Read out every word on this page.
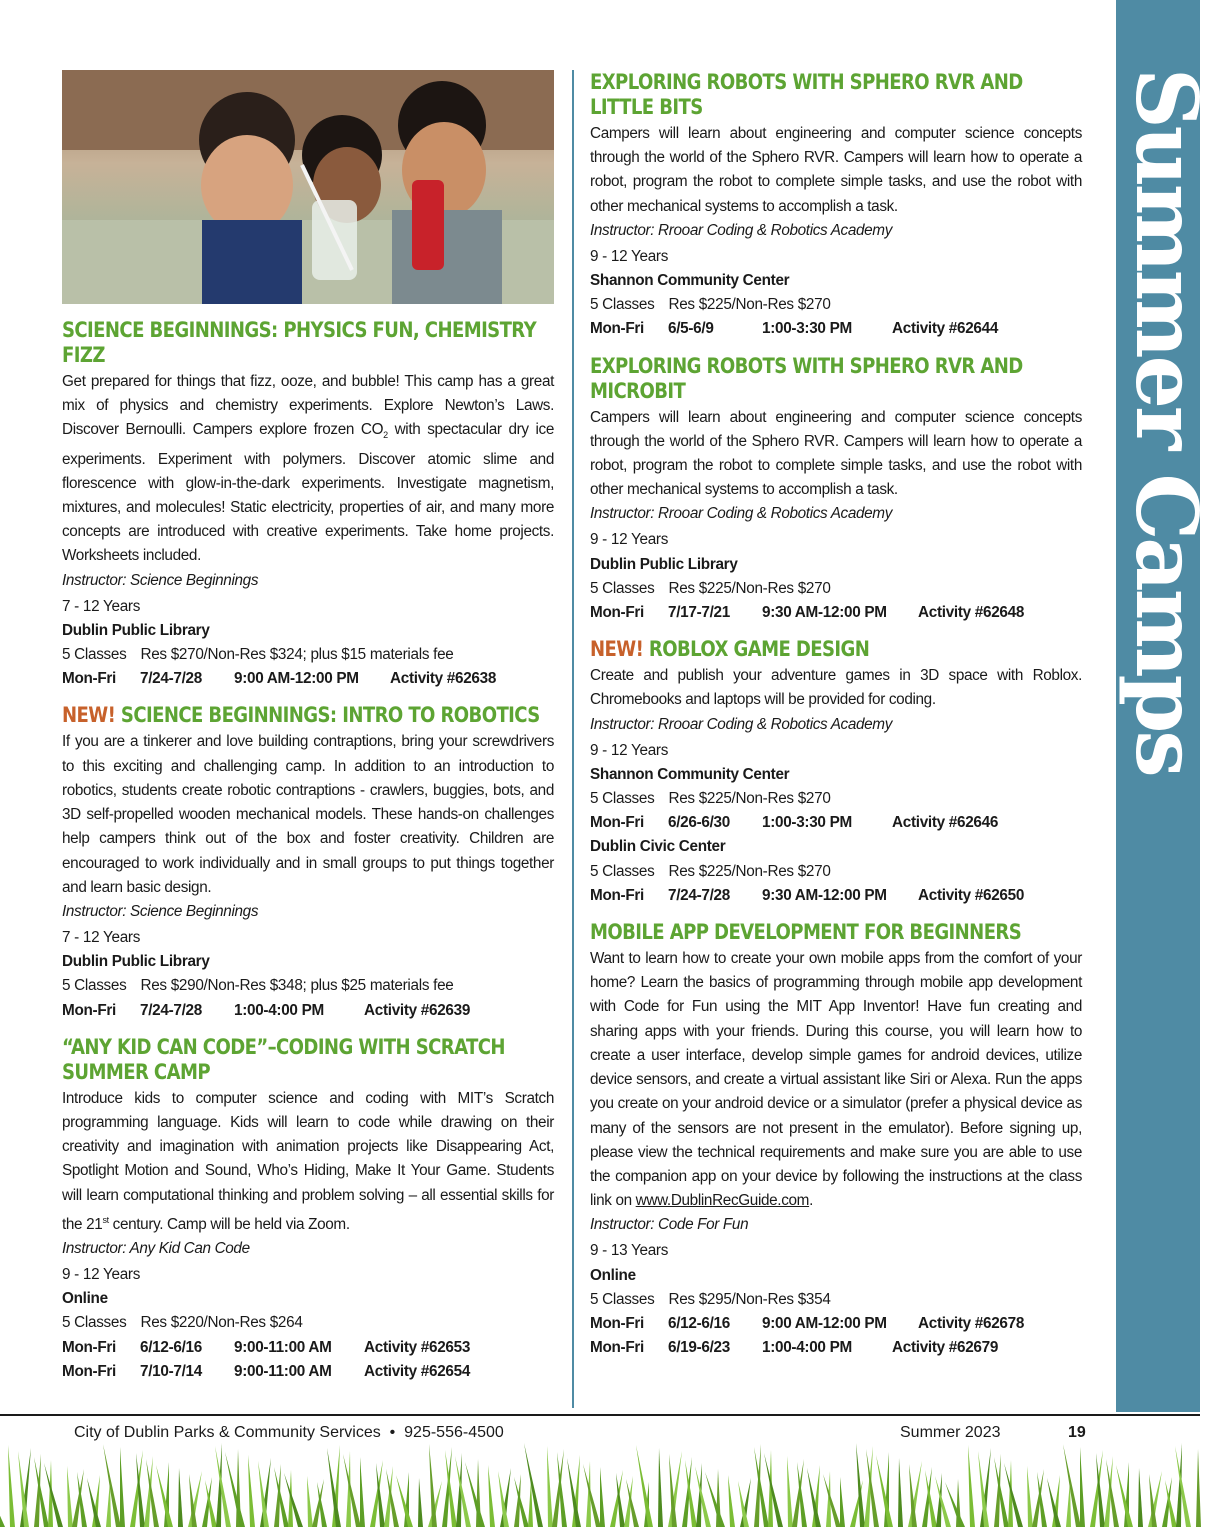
Summer Camps
SCIENCE BEGINNINGS: PHYSICS FUN, CHEMISTRY FIZZ

Get prepared for things that fizz, ooze, and bubble! This camp has a great mix of physics and chemistry experiments. Explore Newton’s Laws. Discover Bernoulli. Campers explore frozen $CO_2$ with spectacular dry ice experiments. Experiment with polymers. Discover atomic slime and florescence with glow-in-the-dark experiments. Investigate magnetism, mixtures, and molecules! Static electricity, properties of air, and many more concepts are introduced with creative experiments. Take home projects. Worksheets included.

Instructor: Science Beginnings

7 - 12 Years

Dublin Public Library

5 Classes Res $270/Non-Res $324; plus $15 materials fee

Mon-Fri 7/24-7/28 9:00 AM-12:00 PM Activity #62638

NEW! SCIENCE BEGINNINGS: INTRO TO ROBOTICS

If you are a tinkerer and love building contraptions, bring your screwdrivers to this exciting and challenging camp. In addition to an introduction to robotics, students create robotic contraptions - crawlers, buggies, bots, and 3D self-propelled wooden mechanical models. These hands-on challenges help campers think out of the box and foster creativity. Children are encouraged to work individually and in small groups to put things together and learn basic design.

Instructor: Science Beginnings

7 - 12 Years

Dublin Public Library

5 Classes Res $290/Non-Res $348; plus $25 materials fee

Mon-Fri 7/24-7/28 1:00-4:00 PM	Activity #62639

“ANY KID CAN CODE”–CODING WITH SCRATCH SUMMER CAMP

Introduce kids to computer science and coding with MIT’s Scratch programming language. Kids will learn to code while drawing on their creativity and imagination with animation projects like Disappearing Act, Spotlight Motion and Sound, Who’s Hiding, Make It Your Game. Students will learn computational thinking and problem solving – all essential skills for the 21st century. Camp will be held via Zoom.

Instructor: Any Kid Can Code

9 - 12 Years

Online

5 Classes Res $220/Non-Res $264

Mon-Fri 6/12-6/16 9:00-11:00 AM Activity #62653

Mon-Fri 7/10-7/14 9:00-11:00 AM Activity #62654

EXPLORING ROBOTS WITH SPHERO RVR AND LITTLE BITS

Campers will learn about engineering and computer science concepts through the world of the Sphero RVR. Campers will learn how to operate a robot, program the robot to complete simple tasks, and use the robot with other mechanical systems to accomplish a task.

Instructor: Rrooar Coding & Robotics Academy

9 - 12 Years

Shannon Community Center

5 Classes Res $225/Non-Res $270

Mon-Fri 6/5-6/9	1:00-3:30 PM	Activity #62644

EXPLORING ROBOTS WITH SPHERO RVR AND MICROBIT

Campers will learn about engineering and computer science concepts through the world of the Sphero RVR. Campers will learn how to operate a robot, program the robot to complete simple tasks, and use the robot with other mechanical systems to accomplish a task.

Instructor: Rrooar Coding & Robotics Academy

9 - 12 Years

Dublin Public Library

5 Classes Res $225/Non-Res $270

Mon-Fri 7/17-7/21 9:30 AM-12:00 PM Activity #62648

NEW! ROBLOX GAME DESIGN

Create and publish your adventure games in 3D space with Roblox. Chromebooks and laptops will be provided for coding.

Instructor: Rrooar Coding & Robotics Academy

9 - 12 Years

Shannon Community Center

5 Classes Res $225/Non-Res $270

Mon-Fri 6/26-6/30 1:00-3:30 PM	Activity #62646

Dublin Civic Center

5 Classes Res $225/Non-Res $270

Mon-Fri 7/24-7/28 9:30 AM-12:00 PM Activity #62650

MOBILE APP DEVELOPMENT FOR BEGINNERS

Want to learn how to create your own mobile apps from the comfort of your home? Learn the basics of programming through mobile app development with Code for Fun using the MIT App Inventor! Have fun creating and sharing apps with your friends. During this course, you will learn how to create a user interface, develop simple games for android devices, utilize device sensors, and create a virtual assistant like Siri or Alexa. Run the apps you create on your android device or a simulator (prefer a physical device as many of the sensors are not present in the emulator). Before signing up, please view the technical requirements and make sure you are able to use the companion app on your device by following the instructions at the class link on www.DublinRecGuide.com.

Instructor: Code For Fun

9 - 13 Years

Online

5 Classes Res $295/Non-Res $354

Mon-Fri 6/12-6/16 9:00 AM-12:00 PM Activity #62678

Mon-Fri 6/19-6/23 1:00-4:00 PM	Activity #62679

City of Dublin Parks & Community Services • 925-556-4500	Summer 2023	19
